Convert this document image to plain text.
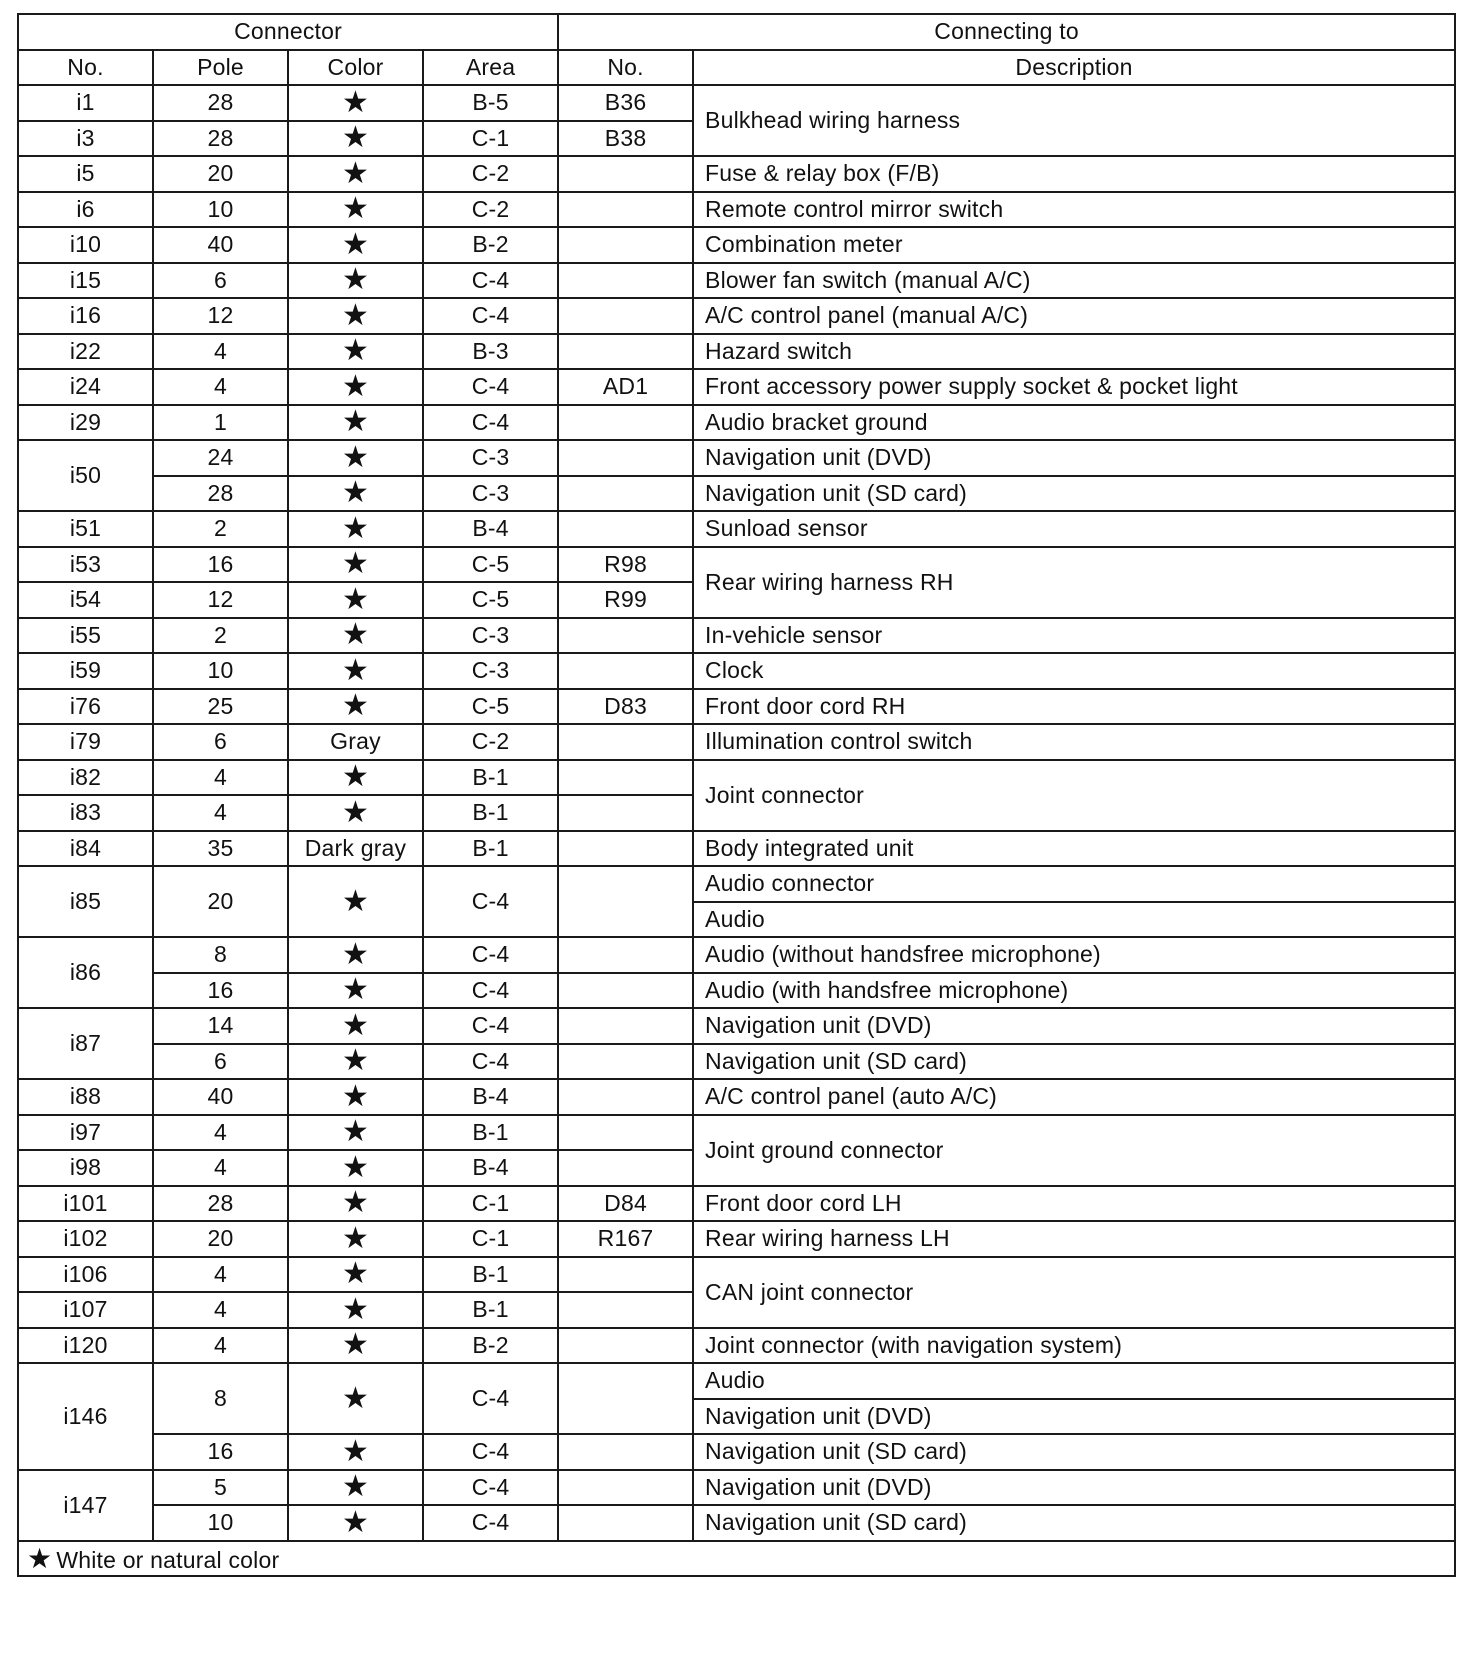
Connector				Connecting to	
No.	Pole	Color	Area	No.	Description
i1	28	★	B-5	B36	Bulkhead wiring harness
i3	28	★	C-1	B38	
i5	20	★	C-2		Fuse & relay box (F/B)
i6	10	★	C-2		Remote control mirror switch
i10	40	★	B-2		Combination meter
i15	6	★	C-4		Blower fan switch (manual A/C)
i16	12	★	C-4		A/C control panel (manual A/C)
i22	4	★	B-3		Hazard switch
i24	4	★	C-4	AD1	Front accessory power supply socket & pocket light
i29	1	★	C-4		Audio bracket ground
i50	24	★	C-3		Navigation unit (DVD)
	28	★	C-3		Navigation unit (SD card)
i51	2	★	B-4		Sunload sensor
i53	16	★	C-5	R98	Rear wiring harness RH
i54	12	★	C-5	R99	
i55	2	★	C-3		In-vehicle sensor
i59	10	★	C-3		Clock
i76	25	★	C-5	D83	Front door cord RH
i79	6	Gray	C-2		Illumination control switch
i82	4	★	B-1		Joint connector
i83	4	★	B-1		
i84	35	Dark gray	B-1		Body integrated unit
i85	20	★	C-4		Audio connector
					Audio
i86	8	★	C-4		Audio (without handsfree microphone)
	16	★	C-4		Audio (with handsfree microphone)
i87	14	★	C-4		Navigation unit (DVD)
	6	★	C-4		Navigation unit (SD card)
i88	40	★	B-4		A/C control panel (auto A/C)
i97	4	★	B-1		Joint ground connector
i98	4	★	B-4		
i101	28	★	C-1	D84	Front door cord LH
i102	20	★	C-1	R167	Rear wiring harness LH
i106	4	★	B-1		CAN joint connector
i107	4	★	B-1		
i120	4	★	B-2		Joint connector (with navigation system)
i146	8	★	C-4		Audio
					Navigation unit (DVD)
	16	★	C-4		Navigation unit (SD card)
i147	5	★	C-4		Navigation unit (DVD)
	10	★	C-4		Navigation unit (SD card)
★ White or natural color					
